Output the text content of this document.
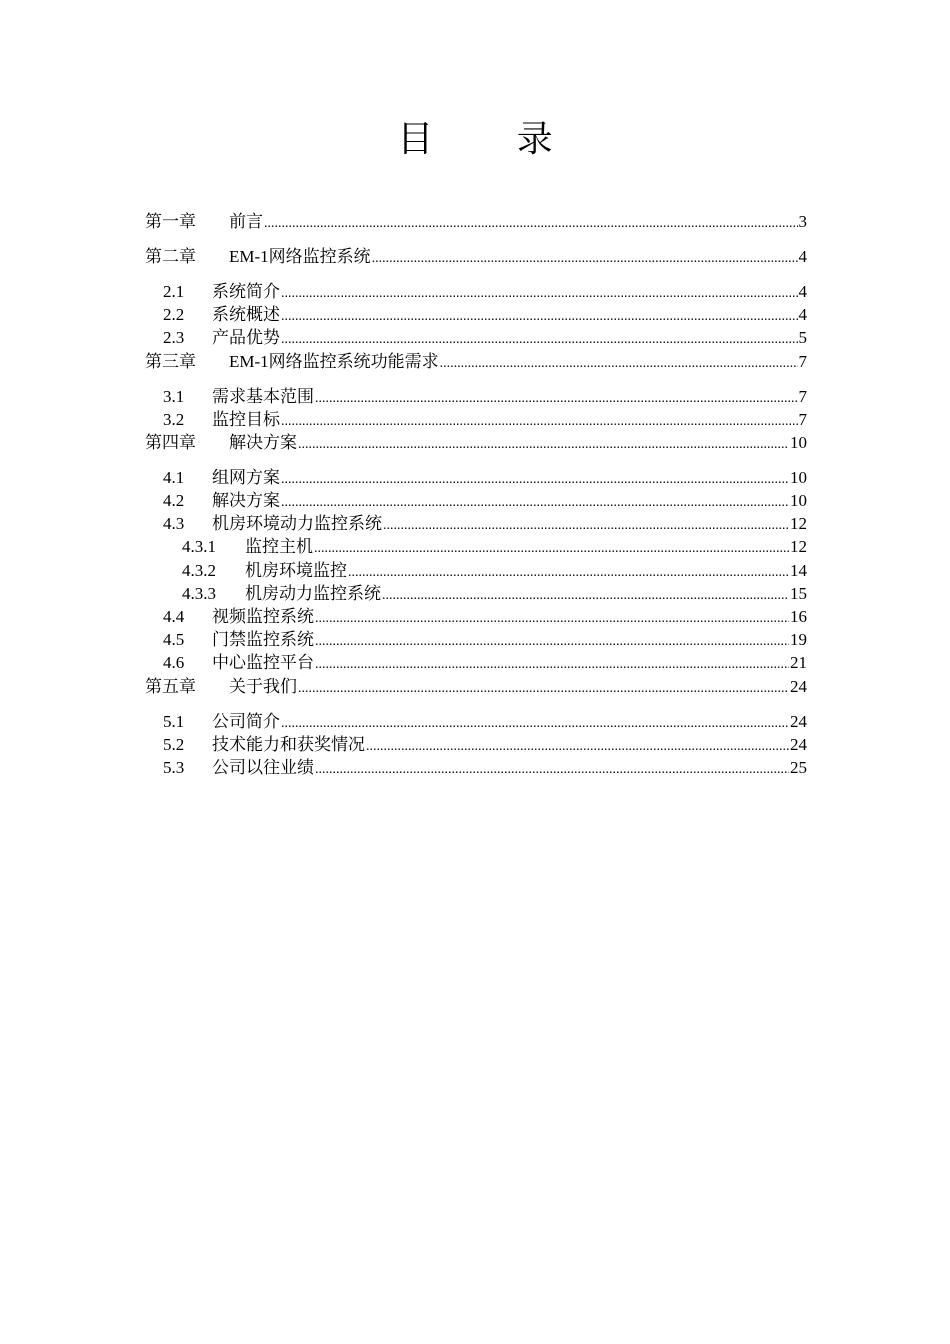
目 录
第一章	前言 .....	3
第二章	EM-1网络监控系统 .....	4
2.1	系统简介 .....	4
2.2	系统概述 .....	4
2.3	产品优势 .....	5
第三章	EM-1网络监控系统功能需求 .....	7
3.1	需求基本范围 .....	7
3.2	监控目标 .....	7
第四章	解决方案 .....	10
4.1	组网方案 .....	10
4.2	解决方案 .....	10
4.3	机房环境动力监控系统 .....	12
4.3.1	监控主机 .....	12
4.3.2	机房环境监控 .....	14
4.3.3	机房动力监控系统 .....	15
4.4	视频监控系统 .....	16
4.5	门禁监控系统 .....	19
4.6	中心监控平台 .....	21
第五章	关于我们 .....	24
5.1	公司简介 .....	24
5.2	技术能力和获奖情况 .....	24
5.3	公司以往业绩 .....	25
